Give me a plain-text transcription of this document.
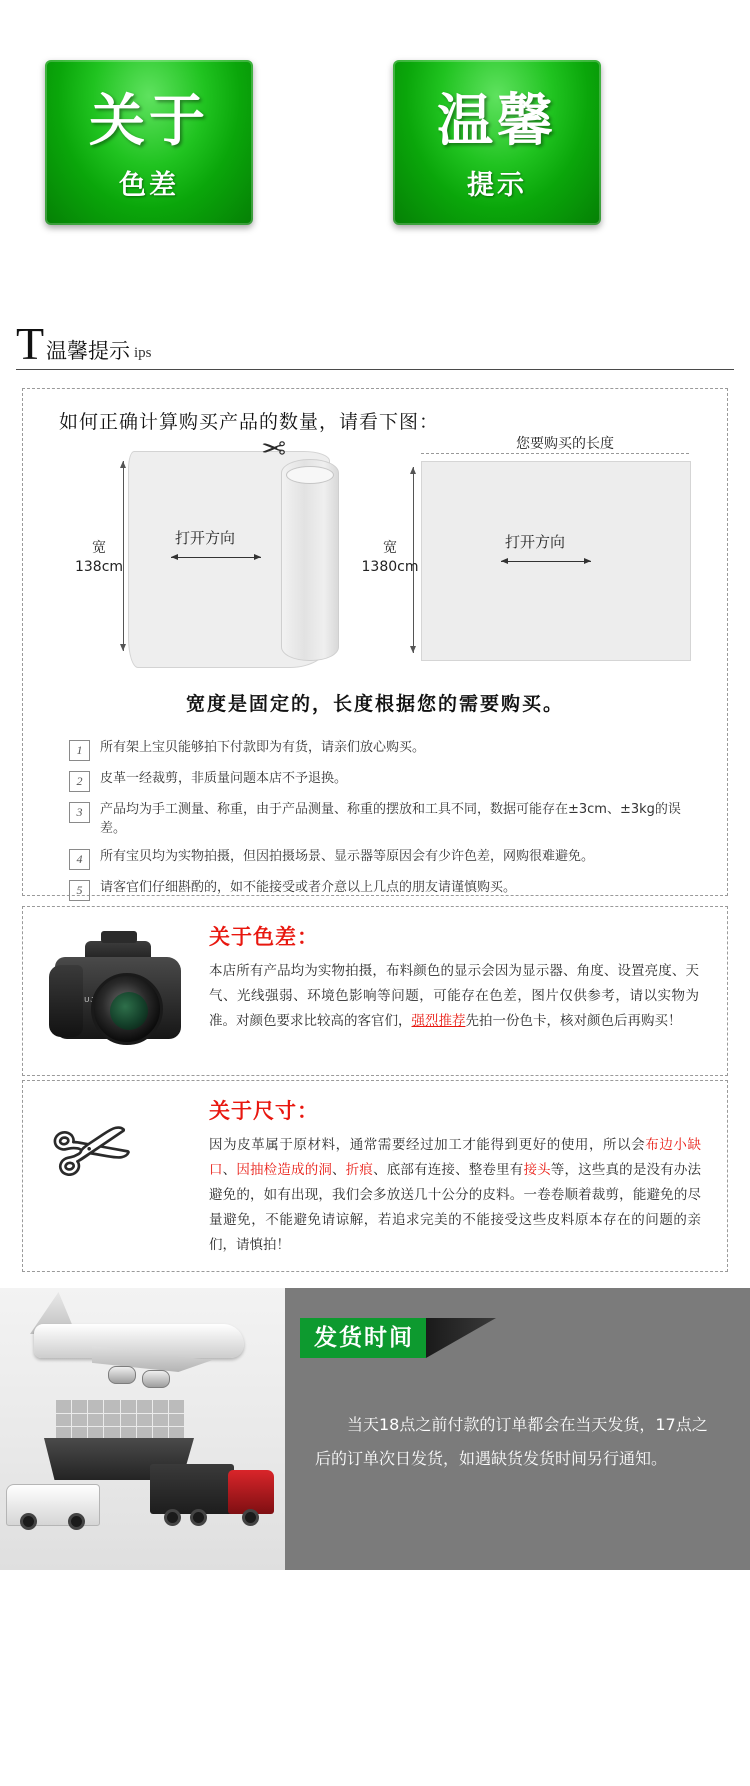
关于
色差
温馨
提示
T 温馨提示 ips
如何正确计算购买产品的数量，请看下图：
✂
宽
138cm
打开方向
您要购买的长度
宽
1380cm
打开方向
宽度是固定的，长度根据您的需要购买。
1	所有架上宝贝能够拍下付款即为有货，请亲们放心购买。
2	皮革一经裁剪，非质量问题本店不予退换。
3	产品均为手工测量、称重，由于产品测量、称重的摆放和工具不同，数据可能存在±3cm、±3kg的误差。
4	所有宝贝均为实物拍摄，但因拍摄场景、显示器等原因会有少许色差，网购很难避免。
5	请客官们仔细斟酌的，如不能接受或者介意以上几点的朋友请谨慎购买。
关于色差：
本店所有产品均为实物拍摄，布料颜色的显示会因为显示器、角度、设置亮度、天气、光线强弱、环境色影响等问题，可能存在色差，图片仅供参考，请以实物为准。对颜色要求比较高的客官们，强烈推荐先拍一份色卡，核对颜色后再购买！
✄	关于尺寸：
因为皮革属于原材料，通常需要经过加工才能得到更好的使用，所以会布边小缺口、因抽检造成的洞、折痕、底部有连接、整卷里有接头等，这些真的是没有办法避免的，如有出现，我们会多放送几十公分的皮料。一卷卷顺着裁剪，能避免的尽量避免，不能避免请谅解，若追求完美的不能接受这些皮料原本存在的问题的亲们，请慎拍！
发货时间
当天18点之前付款的订单都会在当天发货，17点之后的订单次日发货，如遇缺货发货时间另行通知。
